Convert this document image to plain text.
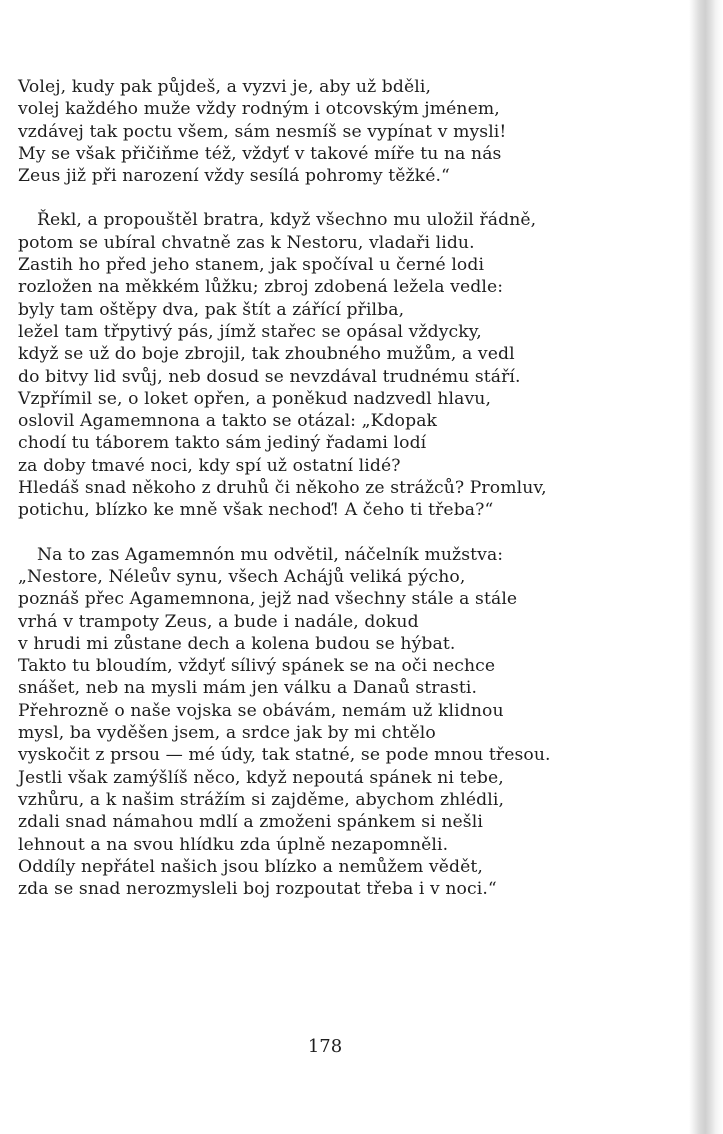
Volej, kudy pak půjdeš, a vyzvi je, aby už bděli,
volej každého muže vždy rodným i otcovským jménem,
vzdávej tak poctu všem, sám nesmíš se vypínat v mysli!
My se však přičiňme též, vždyť v takové míře tu na nás
Zeus již při narození vždy sesílá pohromy těžké.“
Řekl, a propouštěl bratra, když všechno mu uložil řádně,
potom se ubíral chvatně zas k Nestoru, vladaři lidu.
Zastih ho před jeho stanem, jak spočíval u černé lodi
rozložen na měkkém lůžku; zbroj zdobená ležela vedle:
byly tam oštěpy dva, pak štít a zářící přilba,
ležel tam třpytivý pás, jímž stařec se opásal vždycky,
když se už do boje zbrojil, tak zhoubného mužům, a vedl
do bitvy lid svůj, neb dosud se nevzdával trudnému stáří.
Vzpřímil se, o loket opřen, a poněkud nadzvedl hlavu,
oslovil Agamemnona a takto se otázal: „Kdopak
chodí tu táborem takto sám jediný řadami lodí
za doby tmavé noci, kdy spí už ostatní lidé?
Hledáš snad někoho z druhů či někoho ze strážců? Promluv,
potichu, blízko ke mně však nechoď! A čeho ti třeba?“
Na to zas Agamemnón mu odvětil, náčelník mužstva:
„Nestore, Néleův synu, všech Achájů veliká pýcho,
poznáš přec Agamemnona, jejž nad všechny stále a stále
vrhá v trampoty Zeus, a bude i nadále, dokud
v hrudi mi zůstane dech a kolena budou se hýbat.
Takto tu bloudím, vždyť sílivý spánek se na oči nechce
snášet, neb na mysli mám jen válku a Danaů strasti.
Přehrozně o naše vojska se obávám, nemám už klidnou
mysl, ba vyděšen jsem, a srdce jak by mi chtělo
vyskočit z prsou — mé údy, tak statné, se pode mnou třesou.
Jestli však zamýšlíš něco, když nepoutá spánek ni tebe,
vzhůru, a k našim strážím si zajděme, abychom zhlédli,
zdali snad námahou mdlí a zmoženi spánkem si nešli
lehnout a na svou hlídku zda úplně nezapomněli.
Oddíly nepřátel našich jsou blízko a nemůžem vědět,
zda se snad nerozmysleli boj rozpoutat třeba i v noci.“
178
